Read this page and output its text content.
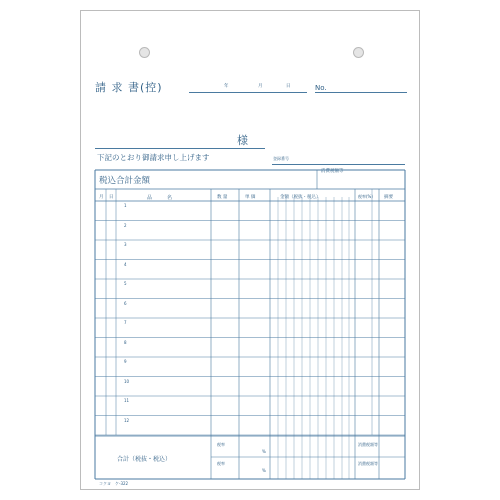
請 求 書(控)	年	月	日	No.
様
下記のとおり御請求申し上げます	登録番号
税込合計金額
消費税額等
月 日	品　　　名	数 量	単 価	金額（税抜・税込）	税率(%) 摘要
1
2
3
4
5
6
7
8
9
10
11
12
合計（税抜・税込）
税率
%
税率
%
消費税額等
消費税額等
コクヨ　ケ-322
